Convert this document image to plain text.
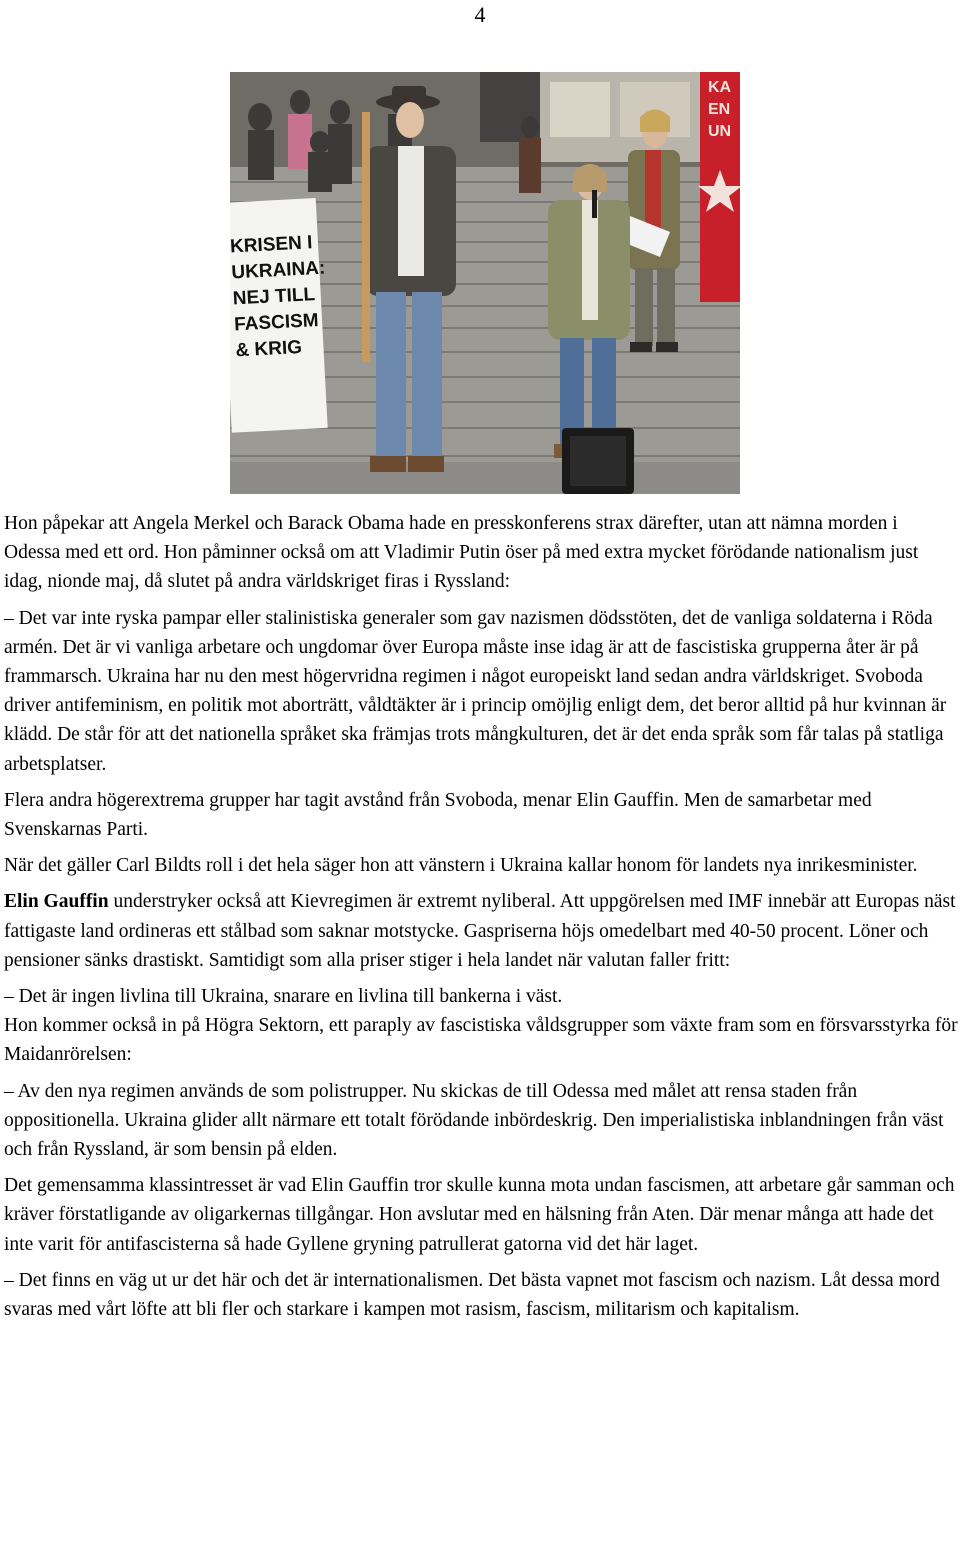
4
KA
EN
UN
KRISEN I
UKRAINA:
NEJ TILL
FASCISM
& KRIG

Hon påpekar att Angela Merkel och Barack Obama hade en presskonferens strax därefter, utan att nämna morden i Odessa med ett ord. Hon påminner också om att Vladimir Putin öser på med extra mycket förödande nationalism just idag, nionde maj, då slutet på andra världskriget firas i Ryssland:

– Det var inte ryska pampar eller stalinistiska generaler som gav nazismen dödsstöten, det de vanliga soldaterna i Röda armén. Det är vi vanliga arbetare och ungdomar över Europa måste inse idag är att de fascistiska grupperna åter är på frammarsch. Ukraina har nu den mest högervridna regimen i något europeiskt land sedan andra världskriget. Svoboda driver antifeminism, en politik mot aborträtt, våldtäkter är i princip omöjlig enligt dem, det beror alltid på hur kvinnan är klädd. De står för att det nationella språket ska främjas trots mångkulturen, det är det enda språk som får talas på statliga arbetsplatser.

Flera andra högerextrema grupper har tagit avstånd från Svoboda, menar Elin Gauffin. Men de samarbetar med Svenskarnas Parti.

När det gäller Carl Bildts roll i det hela säger hon att vänstern i Ukraina kallar honom för landets nya inrikesminister.

Elin Gauffin understryker också att Kievregimen är extremt nyliberal. Att uppgörelsen med IMF innebär att Europas näst fattigaste land ordineras ett stålbad som saknar motstycke. Gaspriserna höjs omedelbart med 40-50 procent. Löner och pensioner sänks drastiskt. Samtidigt som alla priser stiger i hela landet när valutan faller fritt:

– Det är ingen livlina till Ukraina, snarare en livlina till bankerna i väst.

Hon kommer också in på Högra Sektorn, ett paraply av fascistiska våldsgrupper som växte fram som en försvarsstyrka för Maidanrörelsen:

– Av den nya regimen används de som polistrupper. Nu skickas de till Odessa med målet att rensa staden från oppositionella. Ukraina glider allt närmare ett totalt förödande inbördeskrig. Den imperialistiska inblandningen från väst och från Ryssland, är som bensin på elden.

Det gemensamma klassintresset är vad Elin Gauffin tror skulle kunna mota undan fascismen, att arbetare går samman och kräver förstatligande av oligarkernas tillgångar. Hon avslutar med en hälsning från Aten. Där menar många att hade det inte varit för antifascisterna så hade Gyllene gryning patrullerat gatorna vid det här laget.

– Det finns en väg ut ur det här och det är internationalismen. Det bästa vapnet mot fascism och nazism. Låt dessa mord svaras med vårt löfte att bli fler och starkare i kampen mot rasism, fascism, militarism och kapitalism.
